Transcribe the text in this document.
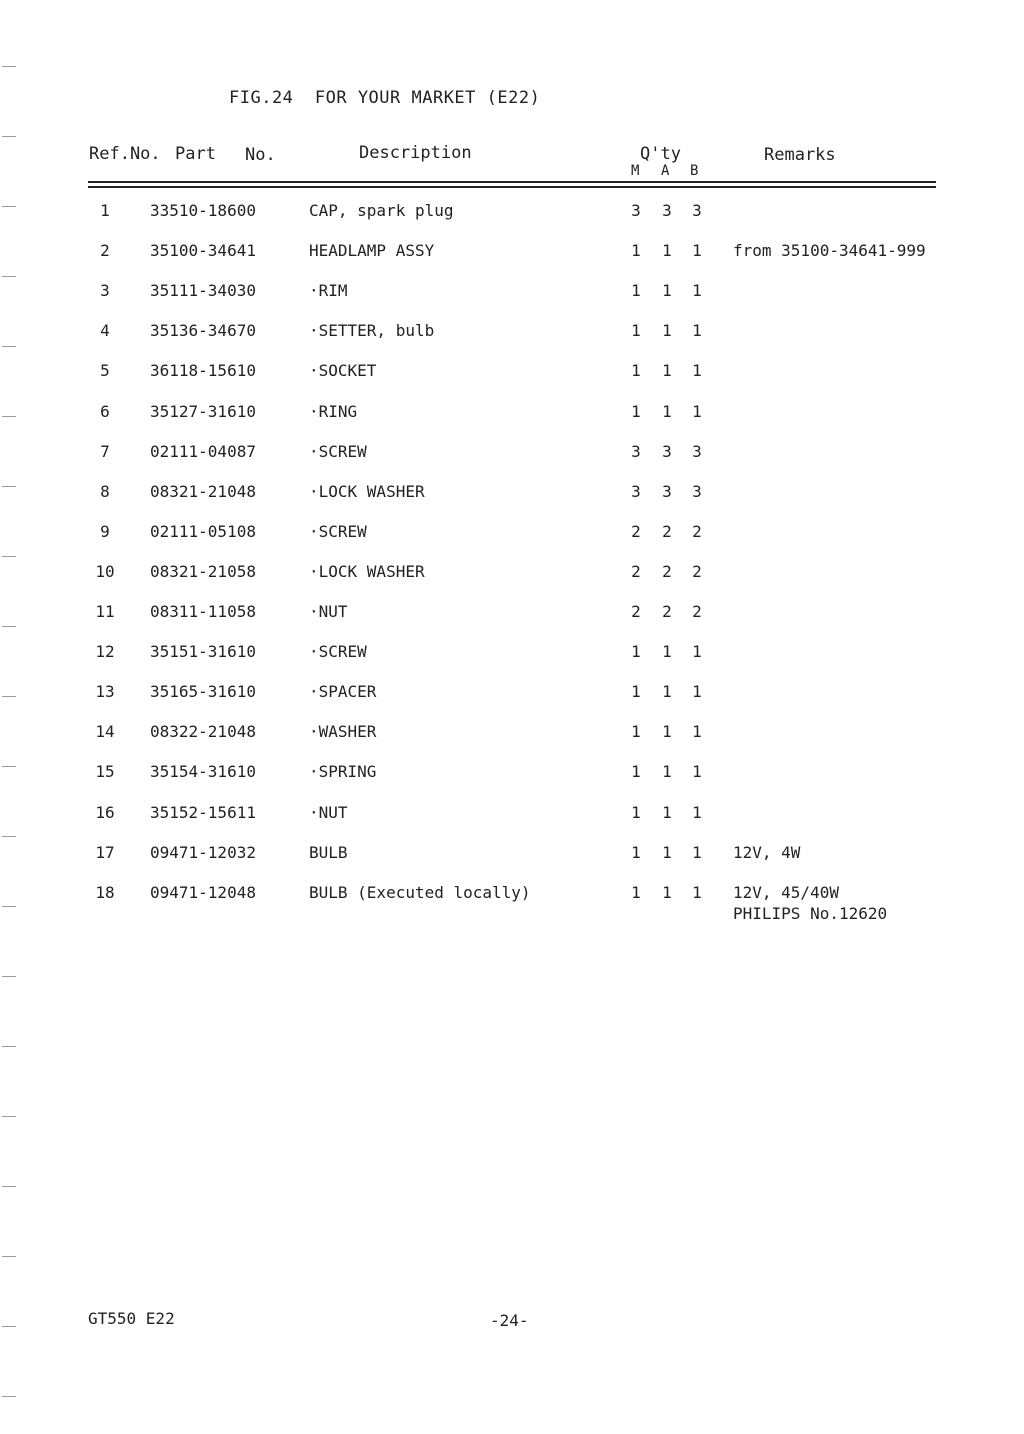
FIG.24  FOR YOUR MARKET (E22)
Ref.No. Part No.	Description	Q'ty
M A B
Remarks
1	33510-18600	CAP, spark plug	3	3	3
2	35100-34641	HEADLAMP ASSY	1	1	1	from 35100-34641-999
3	35111-34030	·RIM	1	1	1
4	35136-34670	·SETTER, bulb	1	1	1
5	36118-15610	·SOCKET	1	1	1
6	35127-31610	·RING	1	1	1
7	02111-04087	·SCREW	3	3	3
8	08321-21048	·LOCK WASHER	3	3	3
9	02111-05108	·SCREW	2	2	2
10	08321-21058	·LOCK WASHER	2	2	2
11	08311-11058	·NUT	2	2	2
12	35151-31610	·SCREW	1	1	1
13	35165-31610	·SPACER	1	1	1
14	08322-21048	·WASHER	1	1	1
15	35154-31610	·SPRING	1	1	1
16	35152-15611	·NUT	1	1	1
17	09471-12032	BULB	1	1	1	12V, 4W
18	09471-12048	BULB (Executed locally)	1	1	1	12V, 45/40W
PHILIPS No.12620
GT550 E22	-24-
